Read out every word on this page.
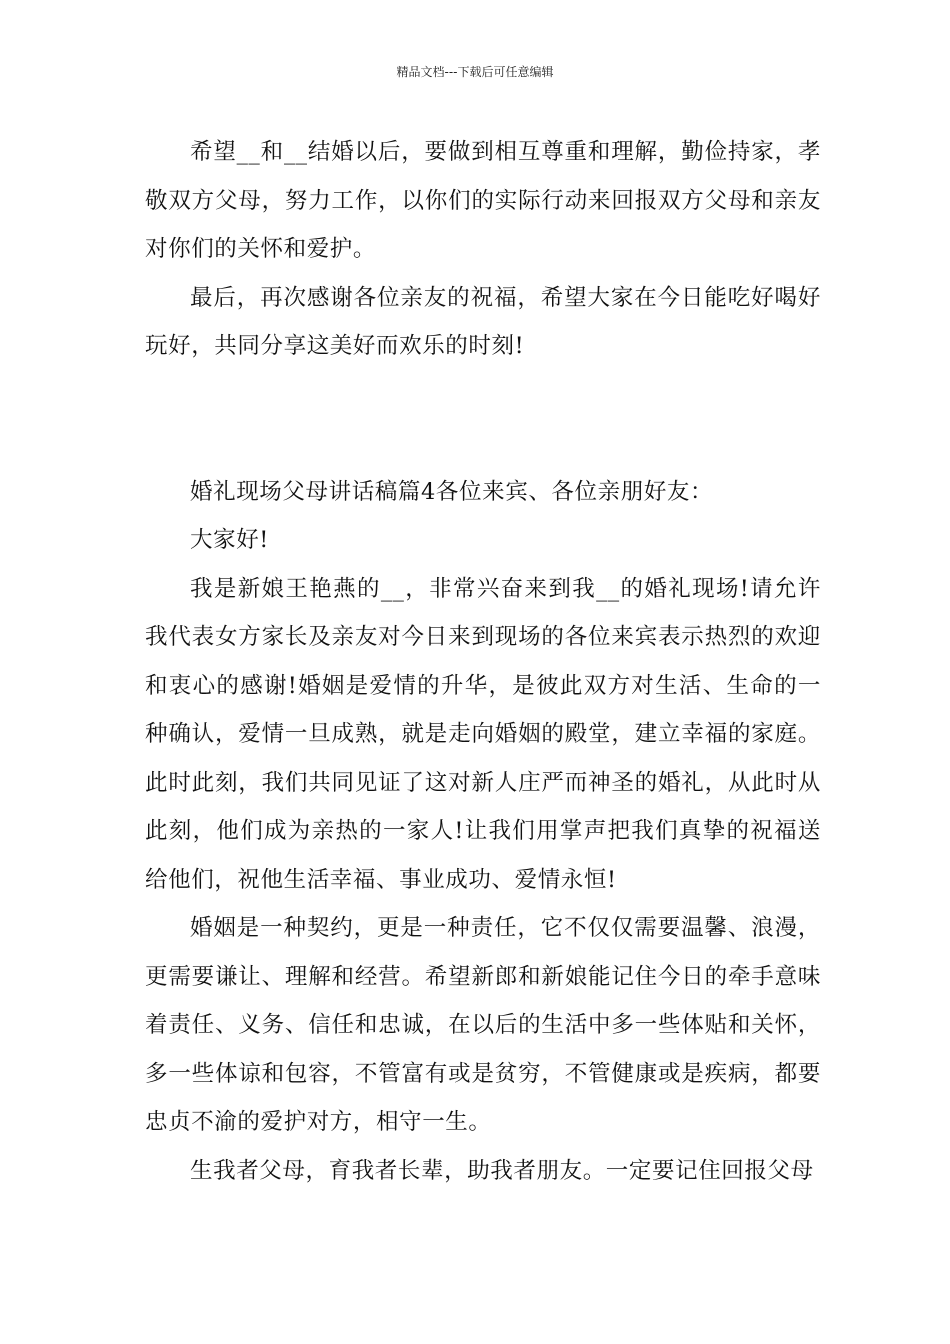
精品文档---下载后可任意编辑

希望__和__结婚以后，要做到相互尊重和理解，勤俭持家，孝敬双方父母，努力工作，以你们的实际行动来回报双方父母和亲友对你们的关怀和爱护。

最后，再次感谢各位亲友的祝福，希望大家在今日能吃好喝好玩好，共同分享这美好而欢乐的时刻!

婚礼现场父母讲话稿篇4各位来宾、各位亲朋好友：

大家好!

我是新娘王艳燕的__，非常兴奋来到我__的婚礼现场!请允许我代表女方家长及亲友对今日来到现场的各位来宾表示热烈的欢迎和衷心的感谢!婚姻是爱情的升华，是彼此双方对生活、生命的一种确认，爱情一旦成熟，就是走向婚姻的殿堂，建立幸福的家庭。此时此刻，我们共同见证了这对新人庄严而神圣的婚礼，从此时从此刻，他们成为亲热的一家人!让我们用掌声把我们真挚的祝福送给他们，祝他生活幸福、事业成功、爱情永恒!

婚姻是一种契约，更是一种责任，它不仅仅需要温馨、浪漫，更需要谦让、理解和经营。希望新郎和新娘能记住今日的牵手意味着责任、义务、信任和忠诚，在以后的生活中多一些体贴和关怀，多一些体谅和包容，不管富有或是贫穷，不管健康或是疾病，都要忠贞不渝的爱护对方，相守一生。

生我者父母，育我者长辈，助我者朋友。一定要记住回报父母
